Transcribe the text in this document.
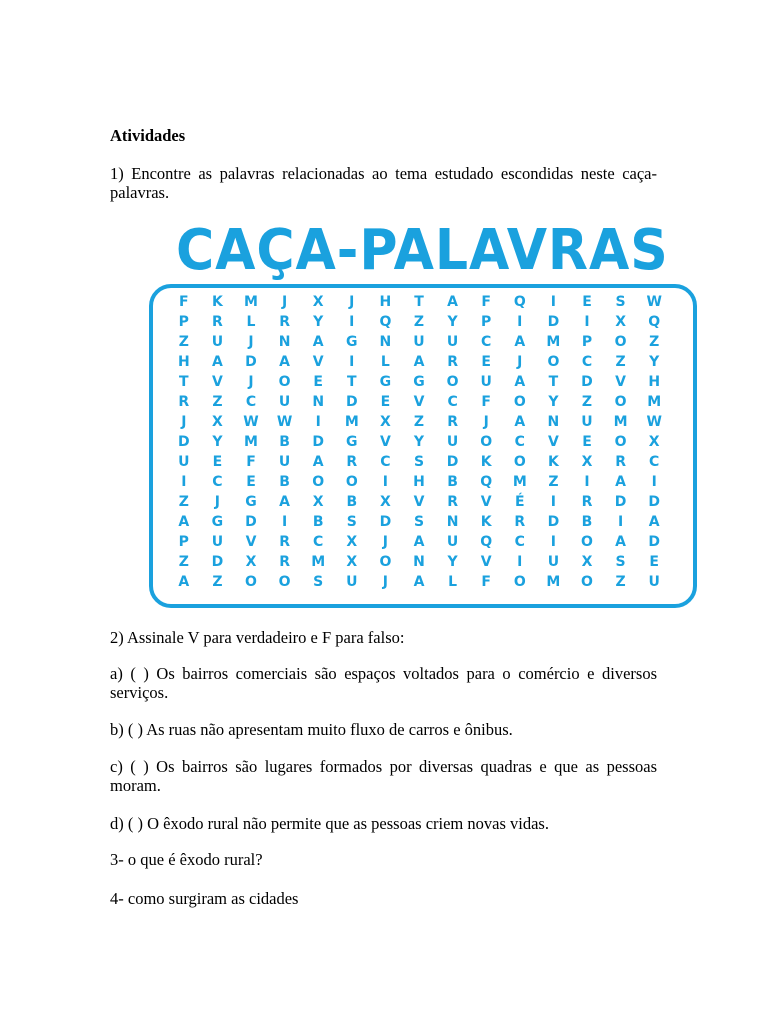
Atividades

1) Encontre as palavras relacionadas ao tema estudado escondidas neste caça-palavras.

CAÇA-PALAVRAS
F	K	M	J	X	J	H	T	A	F	Q	I	E	S	W
P	R	L	R	Y	I	Q	Z	Y	P	I	D	I	X	Q
Z	U	J	N	A	G	N	U	U	C	A	M	P	O	Z
H	A	D	A	V	I	L	A	R	E	J	O	C	Z	Y
T	V	J	O	E	T	G	G	O	U	A	T	D	V	H
R	Z	C	U	N	D	E	V	C	F	O	Y	Z	O	M
J	X	W	W	I	M	X	Z	R	J	A	N	U	M	W
D	Y	M	B	D	G	V	Y	U	O	C	V	E	O	X
U	E	F	U	A	R	C	S	D	K	O	K	X	R	C
I	C	E	B	O	O	I	H	B	Q	M	Z	I	A	I
Z	J	G	A	X	B	X	V	R	V	É	I	R	D	D
A	G	D	I	B	S	D	S	N	K	R	D	B	I	A
P	U	V	R	C	X	J	A	U	Q	C	I	O	A	D
Z	D	X	R	M	X	O	N	Y	V	I	U	X	S	E
A	Z	O	O	S	U	J	A	L	F	O	M	O	Z	U

2) Assinale V para verdadeiro e F para falso:

a) ( ) Os bairros comerciais são espaços voltados para o comércio e diversos serviços.

b) ( ) As ruas não apresentam muito fluxo de carros e ônibus.

c) ( ) Os bairros são lugares formados por diversas quadras e que as pessoas moram.

d) ( ) O êxodo rural não permite que as pessoas criem novas vidas.

3- o que é êxodo rural?

4- como surgiram as cidades
